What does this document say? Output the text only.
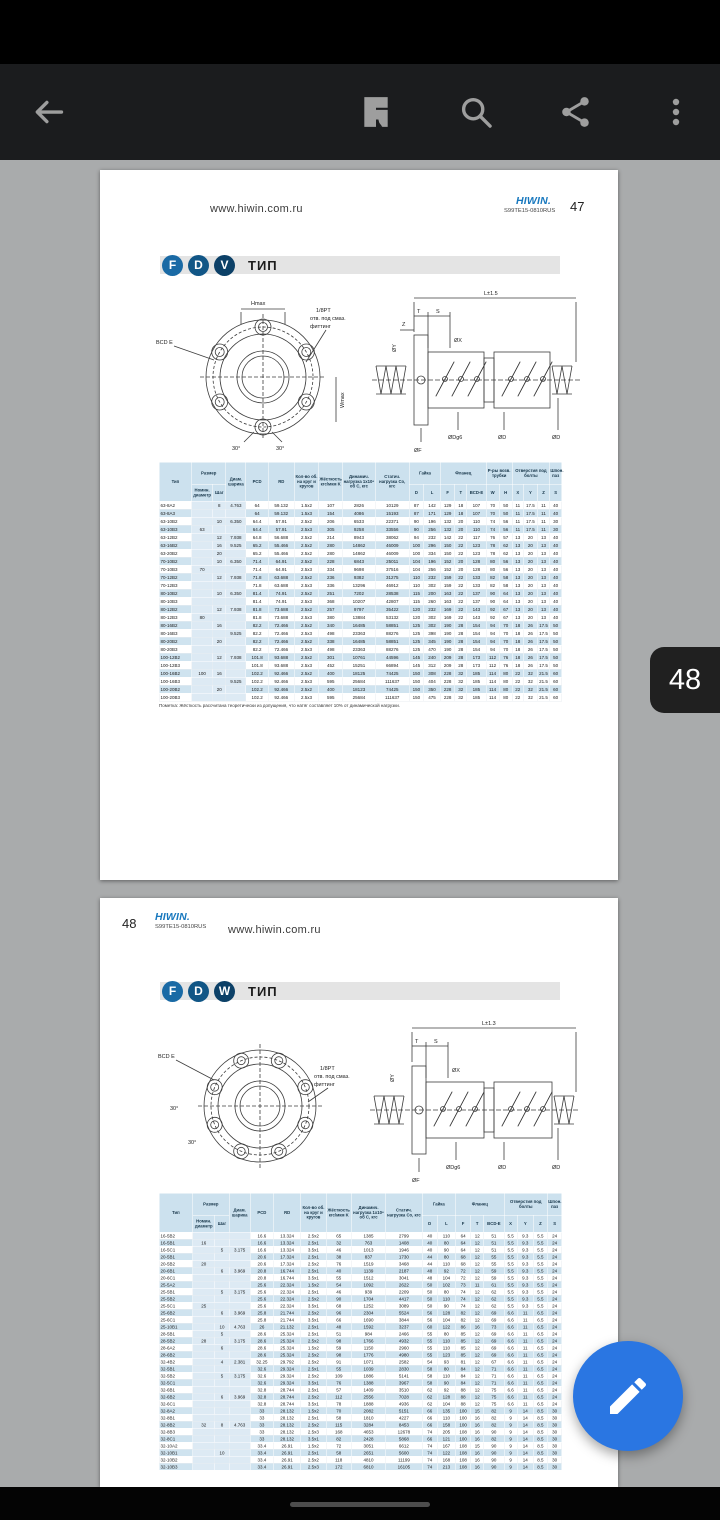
www.hiwin.com.ru
HIWIN.
S99TE15-0810RUS 47
F	D	V	ТИП
Hmax
Wmax
BCD E
1/8PT
отв. под смаз.
фиттинг
30°	30°
L±1.5
T	S
Z
ØX
ØY
ØF
ØDg6	ØD	ØD
Тип	Размер		Диам. шарика	PCD	RD	Кол-во об. на круг и кругов	Жёсткость кгс/мкм K	Динамич. нагрузка 1x10⁶ об C, кгс	Статич. нагрузка Co, кгс	Гайка		Фланец			P-ры возв. трубки		Отверстия под болты			Шпон. паз
	Номин. диаметр	Шаг								D	L	F	T	BCD-E	W	H	X	Y	Z	S
63-8A2		8	4.763	64	59.132	1.5x2	107	2826	10129	87	142	129	18	107	70	50	11	17.5	11	40
63-8A3				64	59.132	1.5x3	154	4086	15193	87	171	129	18	107	70	50	11	17.5	11	40
63-10B2		10	6.350	64.4	57.91	2.5x2	206	6533	22371	90	196	132	20	110	74	56	11	17.5	11	30
63-10B3	63			64.4	57.91	2.5x3	305	9258	33556	90	256	132	20	110	74	56	11	17.5	11	30
63-12B2		12	7.938	64.8	56.688	2.5x2	214	8943	38062	94	232	142	22	117	76	57	13	20	13	40
63-16B2		16	9.525	65.2	55.466	2.5x2	280	14862	46009	100	296	150	22	123	78	62	13	20	13	40
63-20B2		20		65.2	55.466	2.5x2	280	14862	46009	100	334	150	22	123	78	62	13	20	13	40
70-10B2		10	6.350	71.4	64.91	2.5x2	228	6843	25011	104	196	152	20	128	80	56	13	20	13	40
70-10B3	70			71.4	64.91	2.5x3	334	9698	37516	104	256	152	20	128	80	56	13	20	13	40
70-12B2		12	7.938	71.8	63.688	2.5x2	236	9382	31275	110	232	159	22	133	82	58	13	20	13	40
70-12B3				71.8	63.688	2.5x3	336	13296	46912	110	302	159	22	133	82	58	13	20	13	40
80-10B2		10	6.350	81.4	74.91	2.5x2	251	7202	28538	115	200	163	22	137	90	64	13	20	13	40
80-10B3				81.4	74.91	2.5x3	368	10207	42807	115	260	163	22	137	90	64	13	20	13	40
80-12B2		12	7.938	81.8	73.688	2.5x2	257	9797	35422	120	232	169	22	143	92	67	13	20	13	40
80-12B3	80			81.8	73.688	2.5x3	380	13884	53132	120	302	169	22	143	92	67	13	20	13	40
80-16B2		16		82.2	72.466	2.5x2	340	16485	58851	125	302	190	28	154	94	70	18	26	17.5	50
80-16B3			9.525	82.2	72.466	2.5x3	498	23363	88276	125	398	190	28	154	94	70	18	26	17.5	50
80-20B2		20		82.2	72.466	2.5x2	338	16485	58851	125	345	190	28	154	94	70	18	26	17.5	50
80-20B3				82.2	72.466	2.5x3	498	23363	88276	125	470	190	28	154	94	70	18	26	17.5	50
100-12B2		12	7.938	101.8	93.688	2.5x2	301	10761	44596	145	240	209	28	173	112	76	18	26	17.5	50
100-12B3				101.8	93.688	2.5x3	452	15251	66894	145	312	209	28	173	112	76	18	26	17.5	50
100-16B2	100	16		102.2	92.466	2.5x2	400	18125	74425	150	308	228	32	185	114	80	22	32	21.5	60
100-16B3			9.525	102.2	92.466	2.5x3	595	25684	111637	150	404	228	32	185	114	80	22	32	21.5	60
100-20B2		20		102.2	92.466	2.5x2	400	18123	74425	150	350	228	32	185	114	80	22	32	21.5	60
100-20B3				102.2	92.466	2.5x3	595	25684	111637	150	475	228	32	185	114	80	22	32	21.5	60
Пометка: Жёсткость рассчитана теоретически из допущения, что натяг составляет 10% от динамической нагрузки.
48 HIWIN.
S99TE15-0810RUS www.hiwin.com.ru
F	D	W	ТИП
BCD E
30°
30°
1/8PT
отв. под смаз.
фиттинг
L±1.3
T	S
ØX
ØY
ØF
ØDg6	ØD	ØD
Тип	Размер		Диам. шарика	PCD	RD	Кол-во об. на круг и кругов	Жёсткость кгс/мкм K	Динамич. нагрузка 1x10⁶ об C, кгс	Статич. нагрузка Co, кгс	Гайка		Фланец			Отверстия под болты			Шпон. паз
	Номин. диаметр	Шаг								D	L	F	T	BCD-E	X	Y	Z	S
16-5B2				16.6	13.324	2.5x2	65	1385	2799	40	110	64	12	51	5.5	9.3	5.5	24
16-5B1	16			16.6	13.324	2.5x1	32	763	1408	40	80	64	12	51	5.5	9.3	5.5	24
16-5C1		5	3.175	16.6	13.324	3.5x1	46	1013	1946	40	90	64	12	51	5.5	9.3	5.5	24
20-5B1				20.6	17.324	2.5x1	38	837	1730	44	80	68	12	55	5.5	9.3	5.5	24
20-5B2	20			20.6	17.324	2.5x2	76	1519	3468	44	110	68	12	55	5.5	9.3	5.5	24
20-6B1		6	3.969	20.8	16.744	2.5x1	40	1139	2187	48	92	72	12	59	5.5	9.3	5.5	24
20-6C1				20.8	16.744	3.5x1	55	1512	3041	48	104	72	12	59	5.5	9.3	5.5	24
25-5A2				25.6	22.324	1.5x2	54	1092	2622	50	102	73	11	61	5.5	9.3	5.5	24
25-5B1		5	3.175	25.6	22.324	2.5x1	46	939	2209	50	80	74	12	62	5.5	9.3	5.5	24
25-5B2				25.6	22.324	2.5x2	90	1704	4417	50	110	74	12	62	5.5	9.3	5.5	24
25-5C1	25			25.6	22.324	3.5x1	68	1252	3089	50	90	74	12	62	5.5	9.3	5.5	24
25-6B2		6	3.969	25.8	21.744	2.5x2	96	2304	5524	56	128	82	12	69	6.6	11	6.5	24
25-6C1				25.8	21.744	3.5x1	66	1690	3844	56	104	82	12	69	6.6	11	6.5	24
25-10B1		10	4.763	26	21.132	2.5x1	48	1592	3237	60	122	86	16	73	6.6	11	6.5	24
28-5B1		5		28.6	25.324	2.5x1	51	984	2466	55	80	85	12	69	6.6	11	6.5	24
28-5B2	28		3.175	28.6	25.324	2.5x2	98	1766	4932	55	110	85	12	69	6.6	11	6.5	24
28-6A2		6		28.6	25.324	1.5x2	59	1150	2960	55	110	85	12	69	6.6	11	6.5	24
28-6B2				28.6	25.324	2.5x2	98	1776	4980	55	123	85	12	69	6.6	11	6.5	24
32-4B2		4	2.381	32.25	29.792	2.5x2	91	1071	2582	54	93	81	12	67	6.6	11	6.5	24
32-5B1				32.6	29.324	2.5x1	55	1039	2830	58	80	84	12	71	6.6	11	6.5	24
32-5B2		5	3.175	32.6	29.324	2.5x2	109	1886	5141	58	110	84	12	71	6.6	11	6.5	24
32-5C1				32.6	29.324	3.5x1	76	1388	3967	58	90	84	12	71	6.6	11	6.5	24
32-6B1				32.8	28.744	2.5x1	57	1409	3510	62	92	88	12	75	6.6	11	6.5	24
32-6B2		6	3.969	32.8	28.744	2.5x2	112	2556	7028	62	128	88	12	75	6.6	11	6.5	24
32-6C1				32.8	28.744	3.5x1	78	1888	4936	62	104	88	12	75	6.6	11	6.5	24
32-8A2				33	28.132	1.5x2	70	2082	5151	66	135	100	15	82	9	14	8.5	30
32-8B1				33	28.132	2.5x1	58	1810	4227	66	110	100	16	82	9	14	8.5	30
32-8B2	32	8	4.763	33	28.132	2.5x2	115	3284	8453	66	158	100	16	82	9	14	8.5	30
32-8B3				33	28.132	2.5x3	168	4653	12678	74	205	108	16	90	9	14	8.5	30
32-8C1				33	28.132	3.5x1	82	2428	5868	66	121	100	16	82	9	14	8.5	30
32-10A2				33.4	26.91	1.5x2	72	3051	6612	74	167	108	15	90	9	14	8.5	30
32-10B1		10		33.4	26.91	2.5x1	58	2651	5600	74	122	108	16	90	9	14	8.5	30
32-10B2				33.4	26.91	2.5x2	118	4810	11199	74	168	108	16	90	9	14	8.5	30
32-10B3				33.4	26.91	2.5x3	172	6810	16105	74	213	108	16	90	9	14	8.5	30
48
